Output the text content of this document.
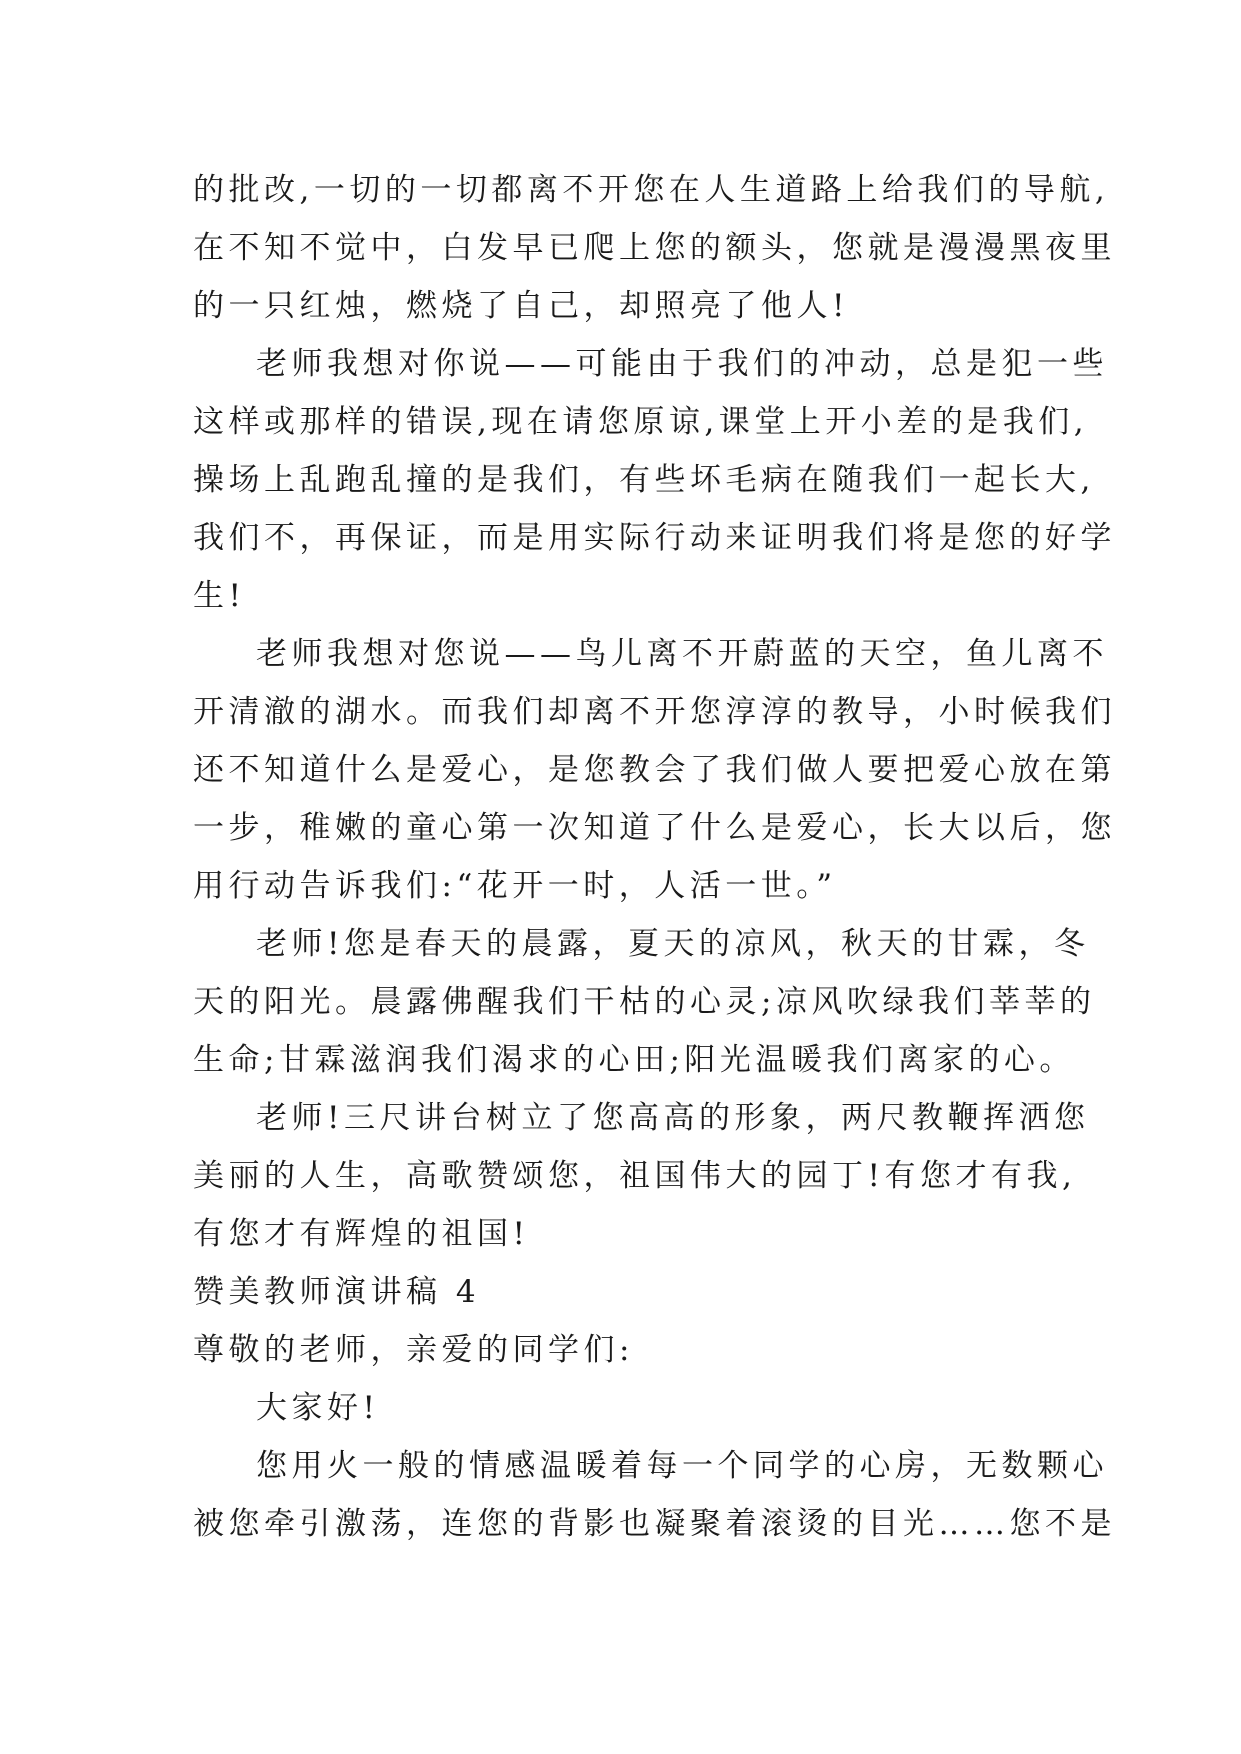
的批改,一切的一切都离不开您在人生道路上给我们的导航,
在不知不觉中，白发早已爬上您的额头，您就是漫漫黑夜里
的一只红烛，燃烧了自己，却照亮了他人!
老师我想对你说——可能由于我们的冲动，总是犯一些
这样或那样的错误,现在请您原谅,课堂上开小差的是我们,
操场上乱跑乱撞的是我们，有些坏毛病在随我们一起长大,
我们不，再保证，而是用实际行动来证明我们将是您的好学
生!
老师我想对您说——鸟儿离不开蔚蓝的天空，鱼儿离不
开清澈的湖水。而我们却离不开您淳淳的教导，小时候我们
还不知道什么是爱心，是您教会了我们做人要把爱心放在第
一步，稚嫩的童心第一次知道了什么是爱心，长大以后，您
用行动告诉我们:“花开一时，人活一世。”
老师!您是春天的晨露，夏天的凉风，秋天的甘霖，冬
天的阳光。晨露佛醒我们干枯的心灵;凉风吹绿我们莘莘的
生命;甘霖滋润我们渴求的心田;阳光温暖我们离家的心。
老师!三尺讲台树立了您高高的形象，两尺教鞭挥洒您
美丽的人生，高歌赞颂您，祖国伟大的园丁!有您才有我,
有您才有辉煌的祖国!
赞美教师演讲稿 4
尊敬的老师，亲爱的同学们:
大家好!
您用火一般的情感温暖着每一个同学的心房，无数颗心
被您牵引激荡，连您的背影也凝聚着滚烫的目光……您不是
